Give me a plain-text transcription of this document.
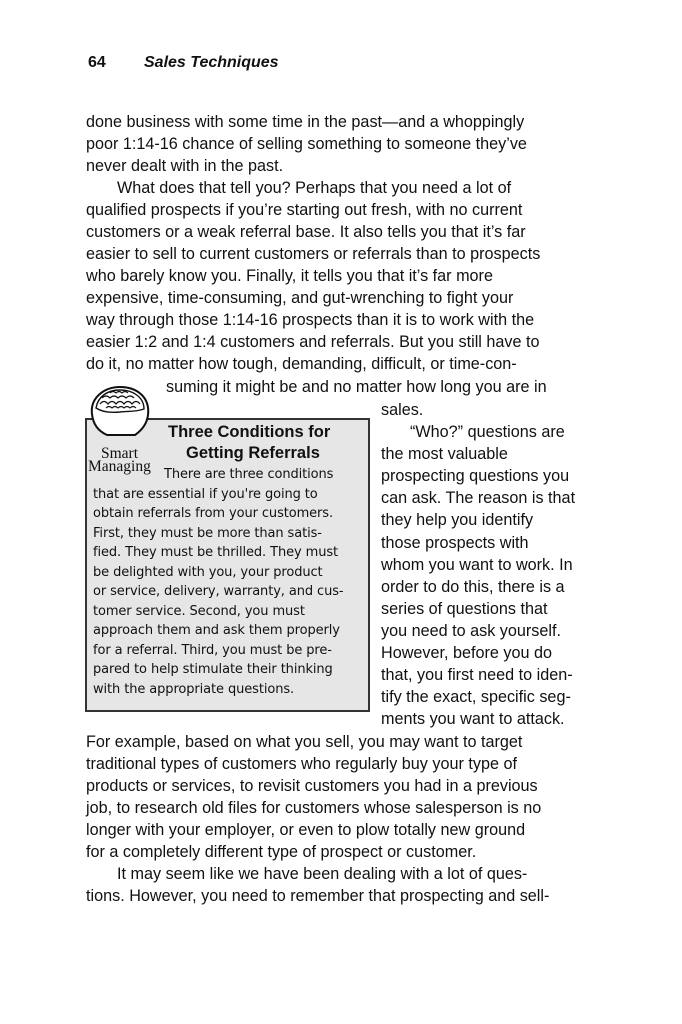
64 Sales Techniques
done business with some time in the past—and a whoppingly
poor 1:14-16 chance of selling something to someone they’ve
never dealt with in the past.
What does that tell you? Perhaps that you need a lot of
qualified prospects if you’re starting out fresh, with no current
customers or a weak referral base. It also tells you that it’s far
easier to sell to current customers or referrals than to prospects
who barely know you. Finally, it tells you that it’s far more
expensive, time-consuming, and gut-wrenching to fight your
way through those 1:14-16 prospects than it is to work with the
easier 1:2 and 1:4 customers and referrals. But you still have to
do it, no matter how tough, demanding, difficult, or time-con-
suming it might be and no matter how long you are in
sales.
“Who?” questions are
the most valuable
prospecting questions you
can ask. The reason is that
they help you identify
those prospects with
whom you want to work. In
order to do this, there is a
series of questions that
you need to ask yourself.
However, before you do
that, you first need to iden-
tify the exact, specific seg-
ments you want to attack.
For example, based on what you sell, you may want to target
traditional types of customers who regularly buy your type of
products or services, to revisit customers you had in a previous
job, to research old files for customers whose salesperson is no
longer with your employer, or even to plow totally new ground
for a completely different type of prospect or customer.
It may seem like we have been dealing with a lot of ques-
tions. However, you need to remember that prospecting and sell-
Three Conditions for
Getting Referrals
There are three conditions
that are essential if you're going to
obtain referrals from your customers.
First, they must be more than satis-
fied. They must be thrilled. They must
be delighted with you, your product
or service, delivery, warranty, and cus-
tomer service. Second, you must
approach them and ask them properly
for a referral. Third, you must be pre-
pared to help stimulate their thinking
with the appropriate questions.
Smart
Managing
